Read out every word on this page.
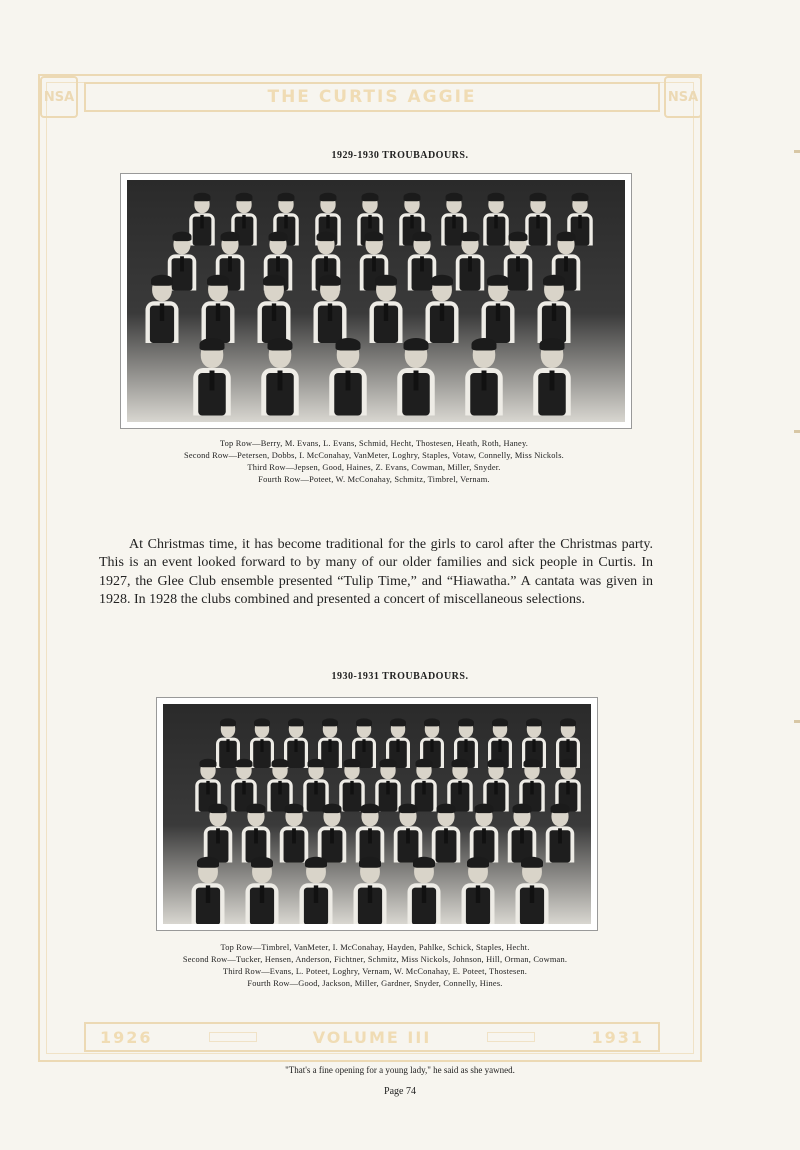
NSA	NSA
THE CURTIS AGGIE
1929-1930 TROUBADOURS.
Top Row—Berry, M. Evans, L. Evans, Schmid, Hecht, Thostesen, Heath, Roth, Haney.
Second Row—Petersen, Dobbs, I. McConahay, VanMeter, Loghry, Staples, Votaw, Connelly, Miss Nickols.
Third Row—Jepsen, Good, Haines, Z. Evans, Cowman, Miller, Snyder.
Fourth Row—Poteet, W. McConahay, Schmitz, Timbrel, Vernam.
At Christmas time, it has become traditional for the girls to carol after the Christmas party. This is an event looked forward to by many of our older families and sick people in Curtis. In 1927, the Glee Club ensemble presented “Tulip Time,” and “Hiawatha.” A cantata was given in 1928. In 1928 the clubs combined and presented a concert of miscellaneous selections.
1930-1931 TROUBADOURS.
Top Row—Timbrel, VanMeter, I. McConahay, Hayden, Pahlke, Schick, Staples, Hecht.
Second Row—Tucker, Hensen, Anderson, Fichtner, Schmitz, Miss Nickols, Johnson, Hill, Orman, Cowman.
Third Row—Evans, L. Poteet, Loghry, Vernam, W. McConahay, E. Poteet, Thostesen.
Fourth Row—Good, Jackson, Miller, Gardner, Snyder, Connelly, Hines.
1926	VOLUME III	1931
"That's a fine opening for a young lady," he said as she yawned.
Page 74
